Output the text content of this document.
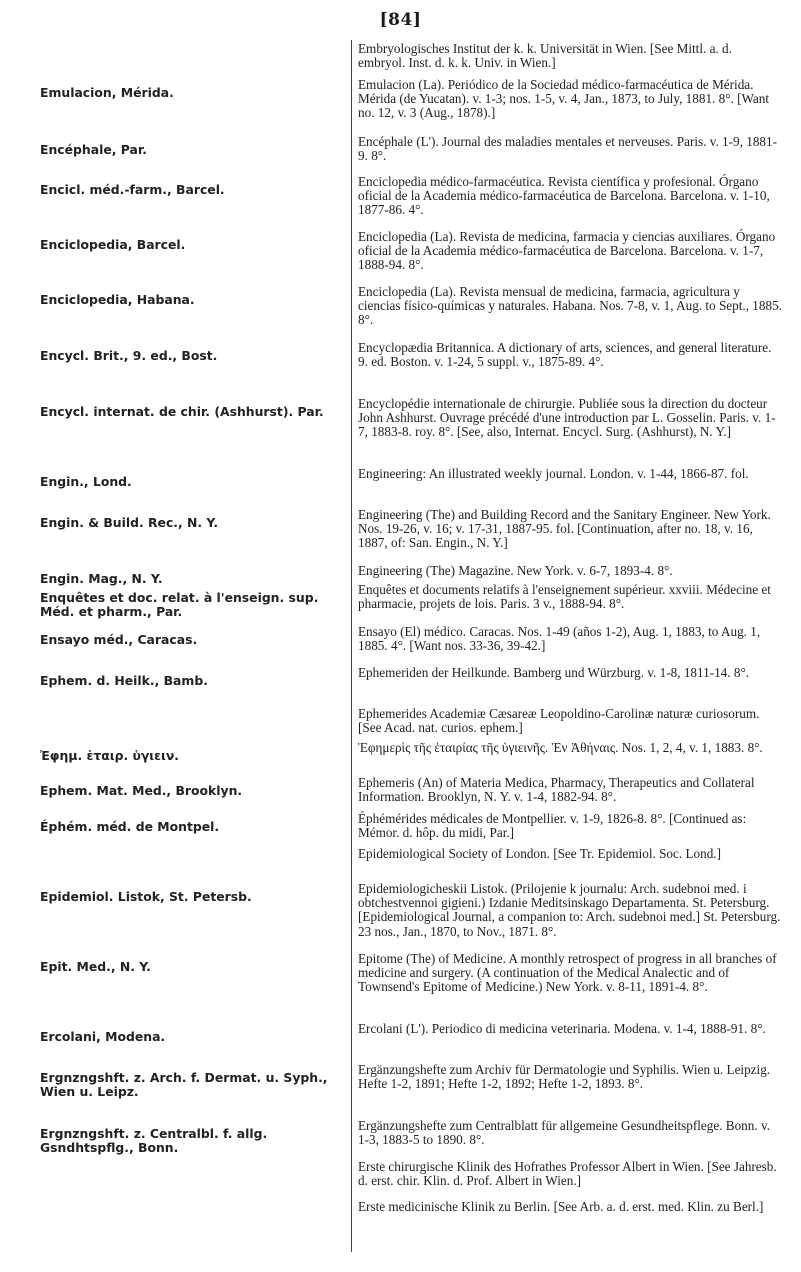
[84]
Embryologisches Institut der k. k. Universität in Wien. [See Mittl. a. d. embryol. Inst. d. k. k. Univ. in Wien.]
Emulacion, Mérida.
Emulacion (La). Periódico de la Sociedad médico-farmacéutica de Mérida. Mérida (de Yucatan). v. 1-3; nos. 1-5, v. 4, Jan., 1873, to July, 1881. 8°. [Want no. 12, v. 3 (Aug., 1878).]
Encéphale, Par.
Encéphale (L'). Journal des maladies mentales et nerveuses. Paris. v. 1-9, 1881-9. 8°.
Encicl. méd.-farm., Barcel.
Enciclopedia médico-farmacéutica. Revista científica y profesional. Órgano oficial de la Academia médico-farmacéutica de Barcelona. Barcelona. v. 1-10, 1877-86. 4°.
Enciclopedia, Barcel.
Enciclopedia (La). Revista de medicina, farmacia y ciencias auxiliares. Órgano oficial de la Academia médico-farmacéutica de Barcelona. Barcelona. v. 1-7, 1888-94. 8°.
Enciclopedia, Habana.
Enciclopedia (La). Revista mensual de medicina, farmacia, agricultura y ciencias físico-químicas y naturales. Habana. Nos. 7-8, v. 1, Aug. to Sept., 1885. 8°.
Encycl. Brit., 9. ed., Bost.
Encyclopædia Britannica. A dictionary of arts, sciences, and general literature. 9. ed. Boston. v. 1-24, 5 suppl. v., 1875-89. 4°.
Encycl. internat. de chir. (Ashhurst). Par.
Encyclopédie internationale de chirurgie. Publiée sous la direction du docteur John Ashhurst. Ouvrage précédé d'une introduction par L. Gosselin. Paris. v. 1-7, 1883-8. roy. 8°. [See, also, Internat. Encycl. Surg. (Ashhurst), N. Y.]
Engin., Lond.
Engineering: An illustrated weekly journal. London. v. 1-44, 1866-87. fol.
Engin. & Build. Rec., N. Y.
Engineering (The) and Building Record and the Sanitary Engineer. New York. Nos. 19-26, v. 16; v. 17-31, 1887-95. fol. [Continuation, after no. 18, v. 16, 1887, of: San. Engin., N. Y.]
Engin. Mag., N. Y.
Engineering (The) Magazine. New York. v. 6-7, 1893-4. 8°.
Enquêtes et doc. relat. à l'enseign. sup. Méd. et pharm., Par.
Enquêtes et documents relatifs à l'enseignement supérieur. xxviii. Médecine et pharmacie, projets de lois. Paris. 3 v., 1888-94. 8°.
Ensayo méd., Caracas.
Ensayo (El) médico. Caracas. Nos. 1-49 (años 1-2), Aug. 1, 1883, to Aug. 1, 1885. 4°. [Want nos. 33-36, 39-42.]
Ephem. d. Heilk., Bamb.
Ephemeriden der Heilkunde. Bamberg und Würzburg. v. 1-8, 1811-14. 8°.
Ephemerides Academiæ Cæsareæ Leopoldino-Carolinæ naturæ curiosorum. [See Acad. nat. curios. ephem.]
Ἐφημ. ἑταιρ. ὑγιειν.
Ἐφημερὶς τῆς ἑταιρίας τῆς ὑγιεινῆς. Ἐν Ἀθήναις. Nos. 1, 2, 4, v. 1, 1883. 8°.
Ephem. Mat. Med., Brooklyn.
Ephemeris (An) of Materia Medica, Pharmacy, Therapeutics and Collateral Information. Brooklyn, N. Y. v. 1-4, 1882-94. 8°.
Éphém. méd. de Montpel.
Éphémérides médicales de Montpellier. v. 1-9, 1826-8. 8°. [Continued as: Mémor. d. hôp. du midi, Par.]
Epidemiological Society of London. [See Tr. Epidemiol. Soc. Lond.]
Epidemiol. Listok, St. Petersb.
Epidemiologicheskii Listok. (Prilojenie k journalu: Arch. sudebnoi med. i obtchestvennoi gigieni.) Izdanie Meditsinskago Departamenta. St. Petersburg. [Epidemiological Journal, a companion to: Arch. sudebnoi med.] St. Petersburg. 23 nos., Jan., 1870, to Nov., 1871. 8°.
Epit. Med., N. Y.
Epitome (The) of Medicine. A monthly retrospect of progress in all branches of medicine and surgery. (A continuation of the Medical Analectic and of Townsend's Epitome of Medicine.) New York. v. 8-11, 1891-4. 8°.
Ercolani, Modena.
Ercolani (L'). Periodico di medicina veterinaria. Modena. v. 1-4, 1888-91. 8°.
Ergnzngshft. z. Arch. f. Dermat. u. Syph., Wien u. Leipz.
Ergänzungshefte zum Archiv für Dermatologie und Syphilis. Wien u. Leipzig. Hefte 1-2, 1891; Hefte 1-2, 1892; Hefte 1-2, 1893. 8°.
Ergnzngshft. z. Centralbl. f. allg. Gsndhtspflg., Bonn.
Ergänzungshefte zum Centralblatt für allgemeine Gesundheitspflege. Bonn. v. 1-3, 1883-5 to 1890. 8°.
Erste chirurgische Klinik des Hofrathes Professor Albert in Wien. [See Jahresb. d. erst. chir. Klin. d. Prof. Albert in Wien.]
Erste medicinische Klinik zu Berlin. [See Arb. a. d. erst. med. Klin. zu Berl.]
